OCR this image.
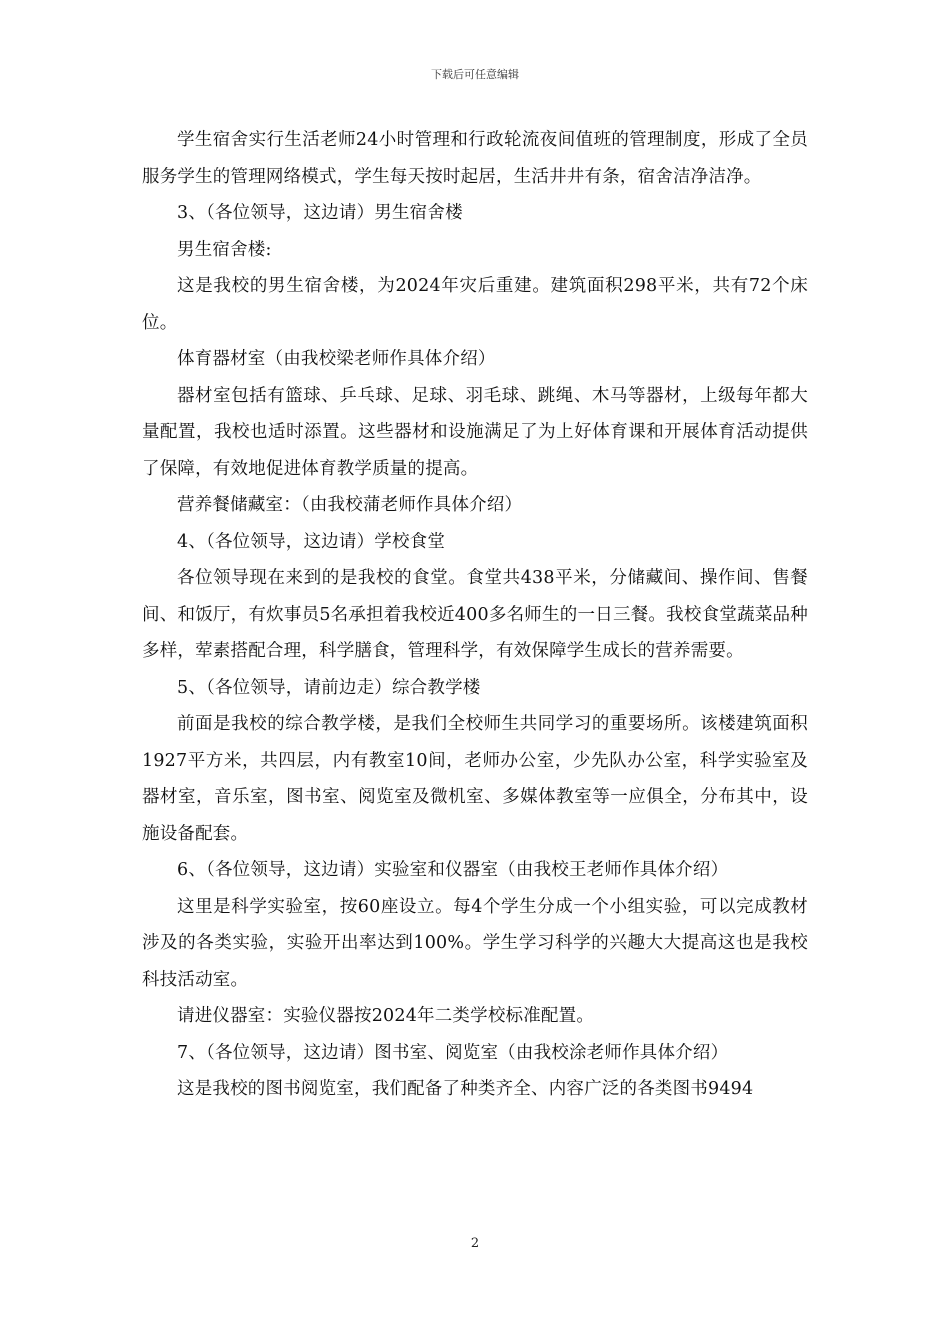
下载后可任意编辑

学生宿舍实行生活老师24小时管理和行政轮流夜间值班的管理制度，形成了全员服务学生的管理网络模式，学生每天按时起居，生活井井有条，宿舍洁净洁净。

3、（各位领导，这边请）男生宿舍楼

男生宿舍楼:

这是我校的男生宿舍楼，为2024年灾后重建。建筑面积298平米，共有72个床位。

体育器材室（由我校梁老师作具体介绍）

器材室包括有篮球、乒乓球、足球、羽毛球、跳绳、木马等器材，上级每年都大量配置，我校也适时添置。这些器材和设施满足了为上好体育课和开展体育活动提供了保障，有效地促进体育教学质量的提高。

营养餐储藏室：（由我校蒲老师作具体介绍）

4、（各位领导，这边请）学校食堂

各位领导现在来到的是我校的食堂。食堂共438平米，分储藏间、操作间、售餐间、和饭厅，有炊事员5名承担着我校近400多名师生的一日三餐。我校食堂蔬菜品种多样，荤素搭配合理，科学膳食，管理科学，有效保障学生成长的营养需要。

5、（各位领导，请前边走）综合教学楼

前面是我校的综合教学楼，是我们全校师生共同学习的重要场所。该楼建筑面积1927平方米，共四层，内有教室10间，老师办公室，少先队办公室，科学实验室及器材室，音乐室，图书室、阅览室及微机室、多媒体教室等一应俱全，分布其中，设施设备配套。

6、（各位领导，这边请）实验室和仪器室（由我校王老师作具体介绍）

这里是科学实验室，按60座设立。每4个学生分成一个小组实验，可以完成教材涉及的各类实验，实验开出率达到100%。学生学习科学的兴趣大大提高这也是我校科技活动室。

请进仪器室：实验仪器按2024年二类学校标准配置。

7、（各位领导，这边请）图书室、阅览室（由我校涂老师作具体介绍）

这是我校的图书阅览室，我们配备了种类齐全、内容广泛的各类图书9494

2
